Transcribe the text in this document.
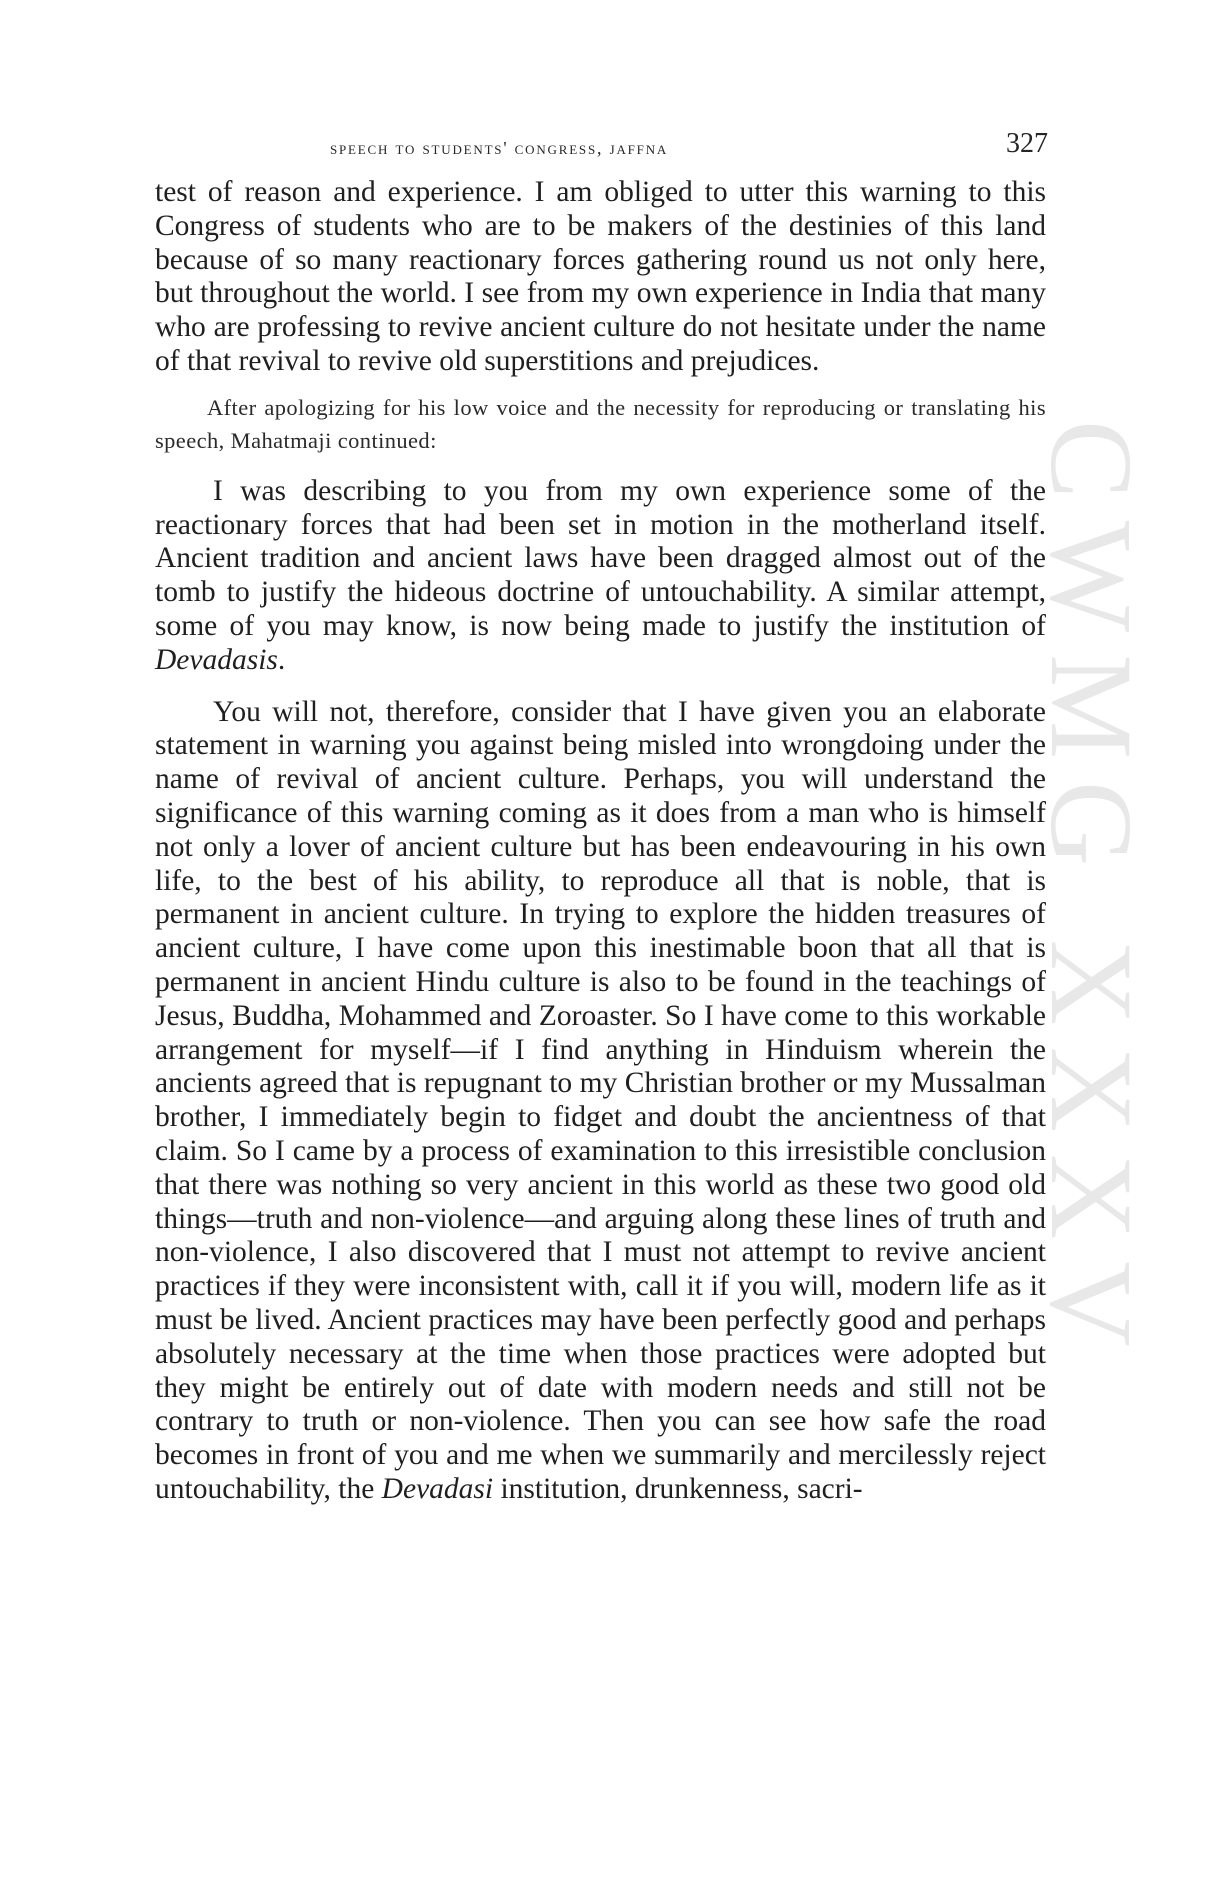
CWMG XXXV
speech to students' congress, jaffna	327

test of reason and experience. I am obliged to utter this warning to this Congress of students who are to be makers of the destinies of this land because of so many reactionary forces gathering round us not only here, but throughout the world. I see from my own experience in India that many who are professing to revive ancient culture do not hesitate under the name of that revival to revive old superstitions and prejudices.

After apologizing for his low voice and the necessity for reproducing or translating his speech, Mahatmaji continued:

I was describing to you from my own experience some of the reactionary forces that had been set in motion in the motherland itself. Ancient tradition and ancient laws have been dragged almost out of the tomb to justify the hideous doctrine of untouchability. A similar attempt, some of you may know, is now being made to justify the institution of Devadasis.

You will not, therefore, consider that I have given you an elaborate statement in warning you against being misled into wrongdoing under the name of revival of ancient culture. Perhaps, you will understand the significance of this warning coming as it does from a man who is himself not only a lover of ancient culture but has been endeavouring in his own life, to the best of his ability, to reproduce all that is noble, that is permanent in ancient culture. In trying to explore the hidden treasures of ancient culture, I have come upon this inestimable boon that all that is permanent in ancient Hindu culture is also to be found in the teachings of Jesus, Buddha, Mohammed and Zoroaster. So I have come to this workable arrangement for myself—if I find anything in Hinduism wherein the ancients agreed that is repugnant to my Christian brother or my Mussalman brother, I immediately begin to fidget and doubt the ancientness of that claim. So I came by a process of examination to this irresistible conclusion that there was nothing so very ancient in this world as these two good old things—truth and non-violence—and arguing along these lines of truth and non-violence, I also discovered that I must not attempt to revive ancient practices if they were inconsistent with, call it if you will, modern life as it must be lived. Ancient practices may have been perfectly good and perhaps absolutely necessary at the time when those practices were adopted but they might be entirely out of date with modern needs and still not be contrary to truth or non-violence. Then you can see how safe the road becomes in front of you and me when we summarily and mercilessly reject untouchability, the Devadasi institution, drunkenness, sacri-
